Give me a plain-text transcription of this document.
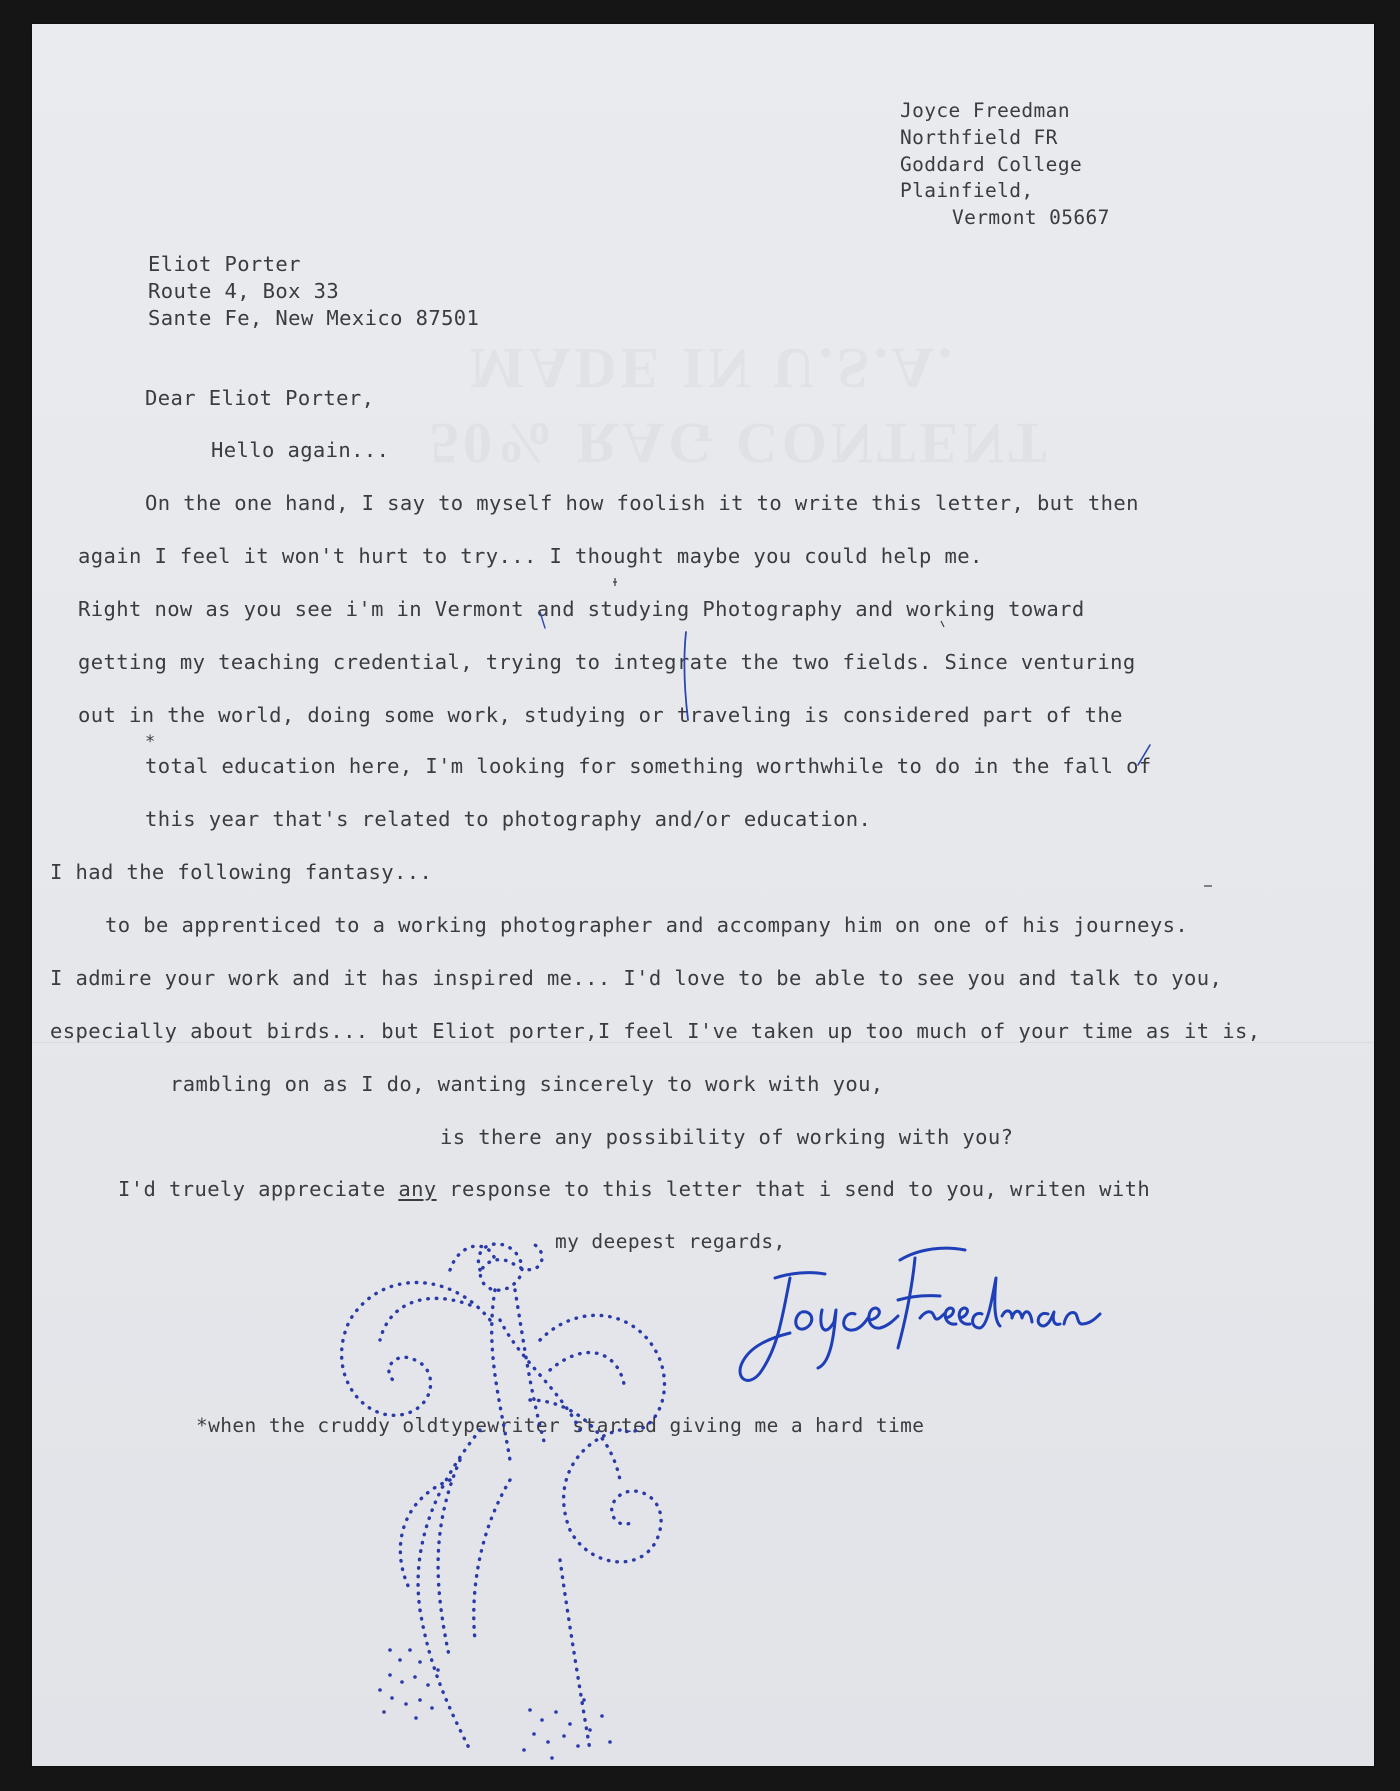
Joyce Freedman
Northfield FR
Goddard College
Plainfield,
Vermont 05667
Eliot Porter
Route 4, Box 33
Sante Fe, New Mexico 87501
Dear Eliot Porter,
Hello again...
On the one hand, I say to myself how foolish it to write this letter, but then
again I feel it won't hurt to try... I thought maybe you could help me.
Right now as you see i'm in Vermont and studying Photography and working toward
getting my teaching credential, trying to integrate the two fields. Since venturing
out in the world, doing some work, studying or traveling is considered part of the
*
total education here, I'm looking for something worthwhile to do in the fall of
this year that's related to photography and/or education.
I had the following fantasy...
to be apprenticed to a working photographer and accompany him on one of his journeys.
I admire your work and it has inspired me... I'd love to be able to see you and talk to you,
especially about birds... but Eliot porter,I feel I've taken up too much of your time as it is,
rambling on as I do, wanting sincerely to work with you,
is there any possibility of working with you?
I'd truely appreciate any response to this letter that i send to you, writen with
my deepest regards,
*when the cruddy oldtypewriter started giving me a hard time
